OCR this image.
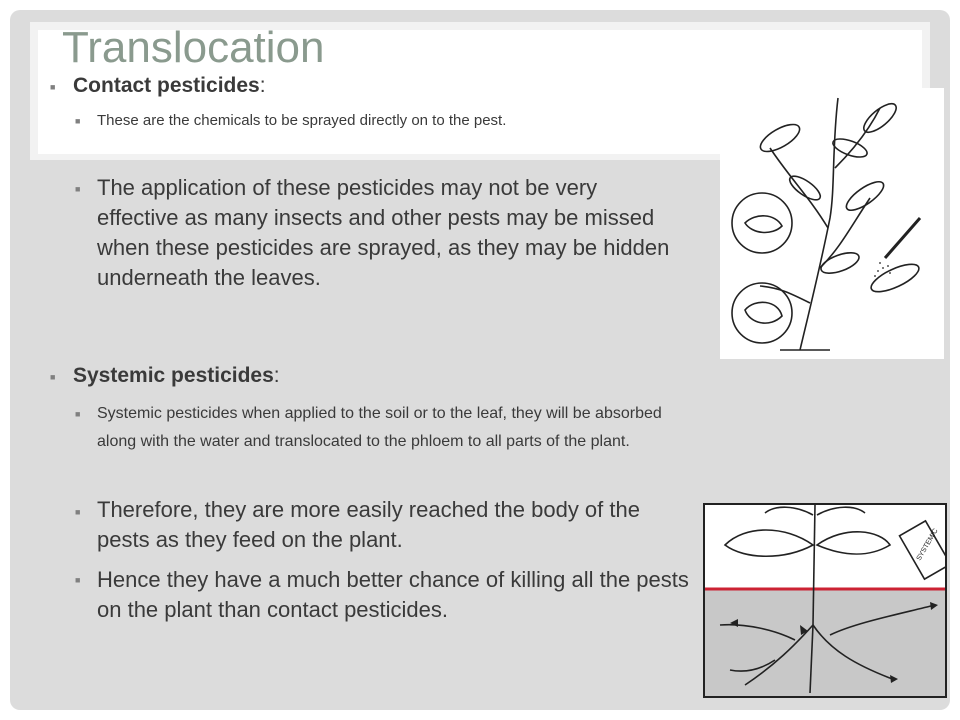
Translocation
■ Contact pesticides:
■ These are the chemicals to be sprayed directly on to the pest.
■ The application of these pesticides may not be very effective as many insects and other pests may be missed when these pesticides are sprayed, as they may be hidden underneath the leaves.
■ Systemic pesticides:
■ Systemic pesticides when applied to the soil or to the leaf, they will be absorbed along with the water and translocated to the phloem to all parts of the plant.
■ Therefore, they are more easily reached the body of the pests as they feed on the plant.
■ Hence they have a much better chance of killing all the pests on the plant than contact pesticides.
SYSTEMIC
